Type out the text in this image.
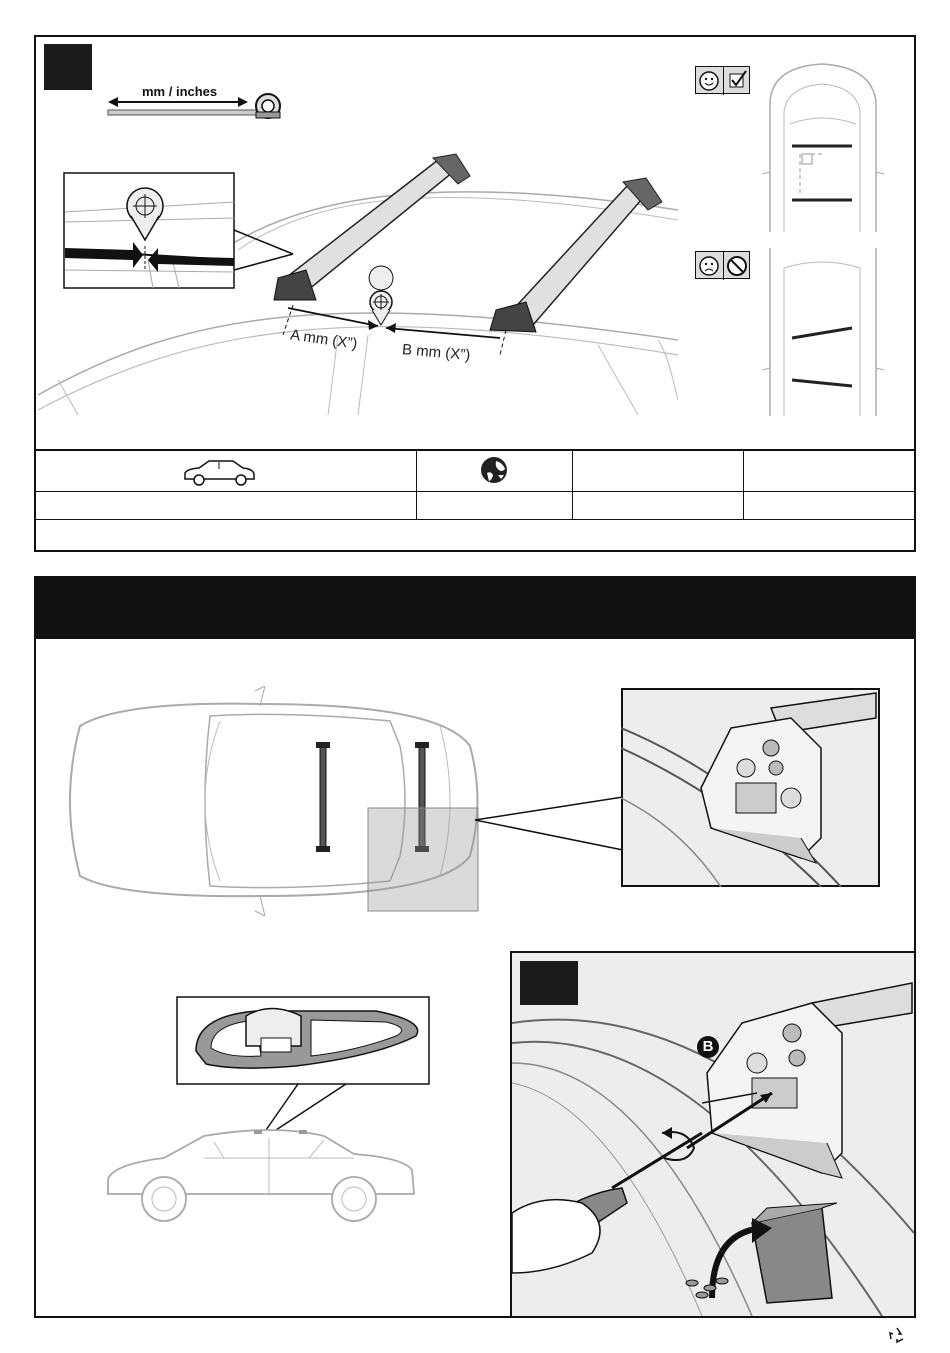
mm / inches
A mm (X”)	B mm (X”)
B
